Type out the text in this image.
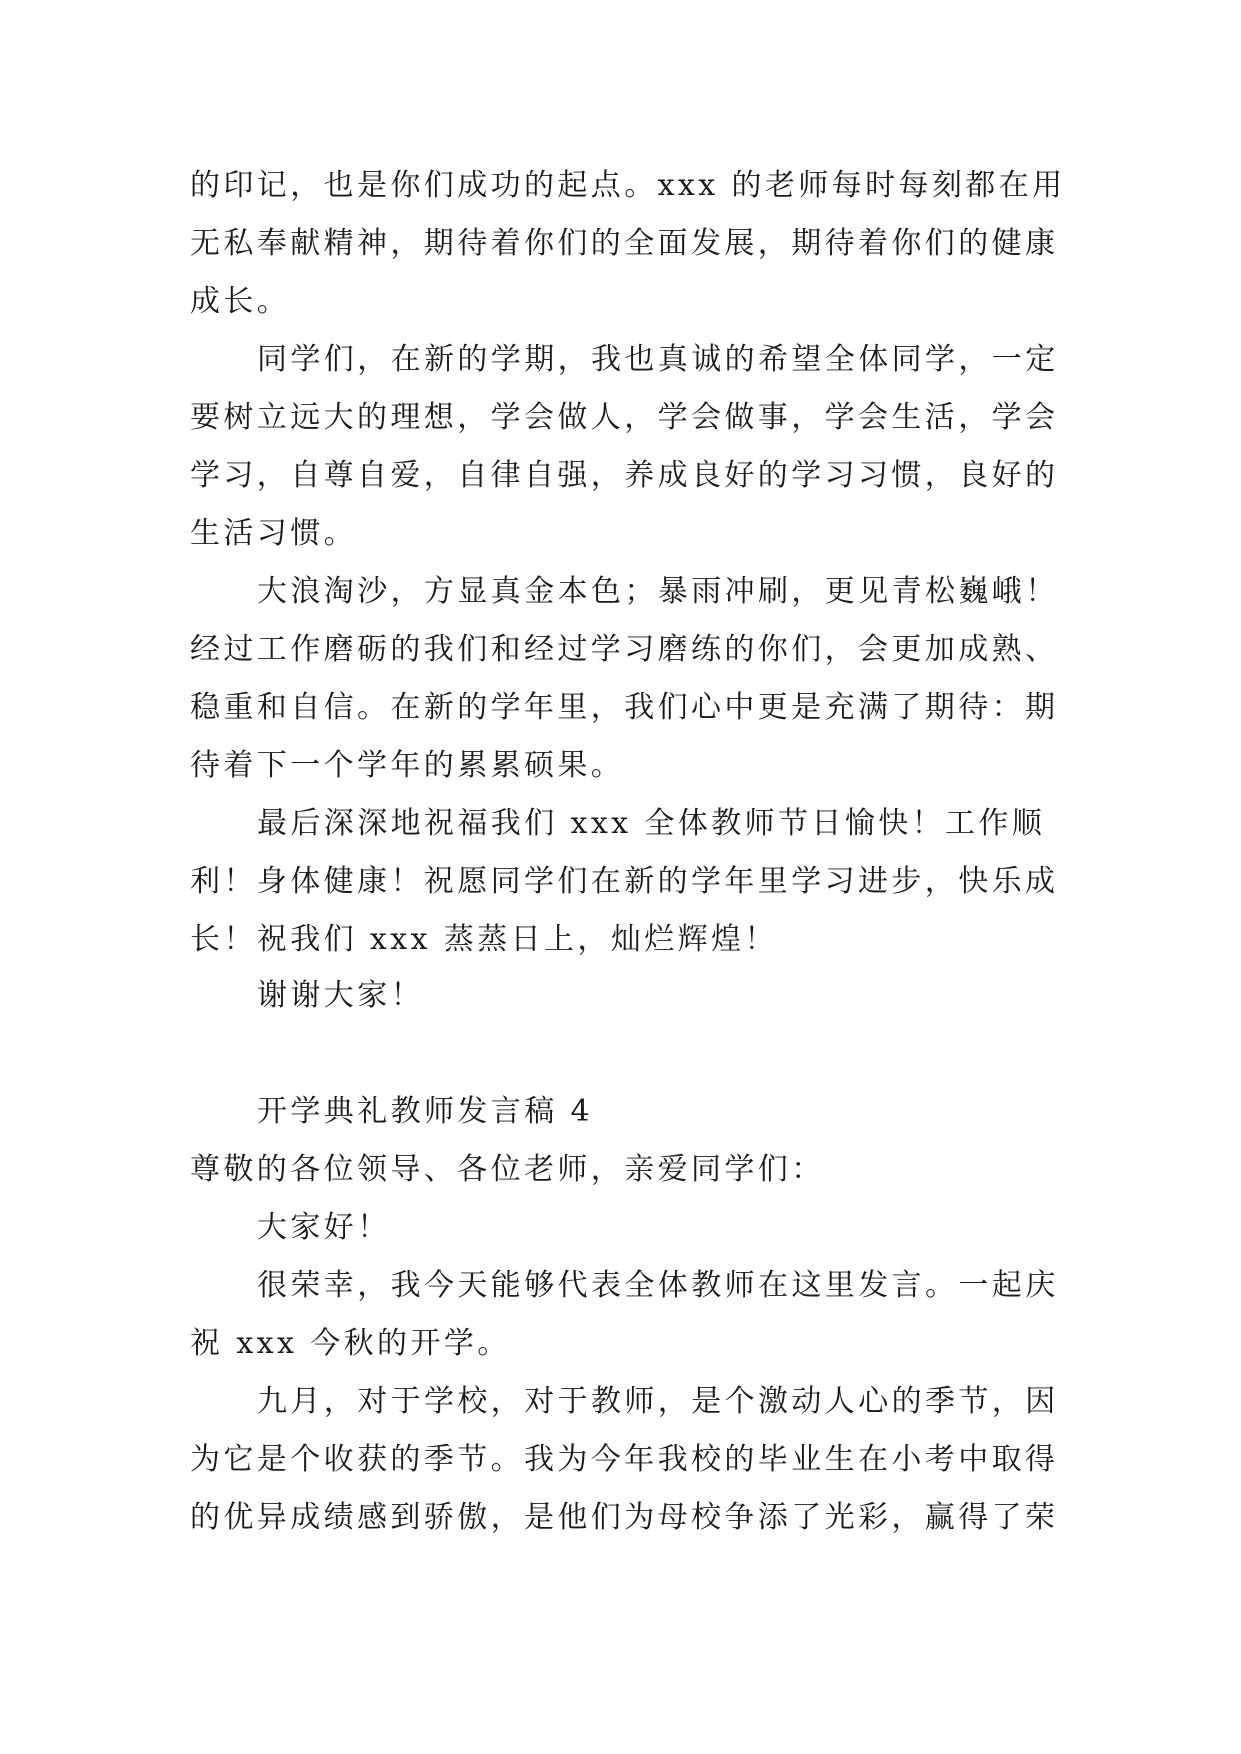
的印记，也是你们成功的起点。xxx 的老师每时每刻都在用
无私奉献精神，期待着你们的全面发展，期待着你们的健康
成长。
同学们，在新的学期，我也真诚的希望全体同学，一定
要树立远大的理想，学会做人，学会做事，学会生活，学会
学习，自尊自爱，自律自强，养成良好的学习习惯，良好的
生活习惯。
大浪淘沙，方显真金本色；暴雨冲刷，更见青松巍峨！
经过工作磨砺的我们和经过学习磨练的你们，会更加成熟、
稳重和自信。在新的学年里，我们心中更是充满了期待：期
待着下一个学年的累累硕果。
最后深深地祝福我们 xxx 全体教师节日愉快！工作顺
利！身体健康！祝愿同学们在新的学年里学习进步，快乐成
长！祝我们 xxx 蒸蒸日上，灿烂辉煌！
谢谢大家！
开学典礼教师发言稿 4
尊敬的各位领导、各位老师，亲爱同学们：
大家好！
很荣幸，我今天能够代表全体教师在这里发言。一起庆
祝 xxx 今秋的开学。
九月，对于学校，对于教师，是个激动人心的季节，因
为它是个收获的季节。我为今年我校的毕业生在小考中取得
的优异成绩感到骄傲，是他们为母校争添了光彩，赢得了荣
